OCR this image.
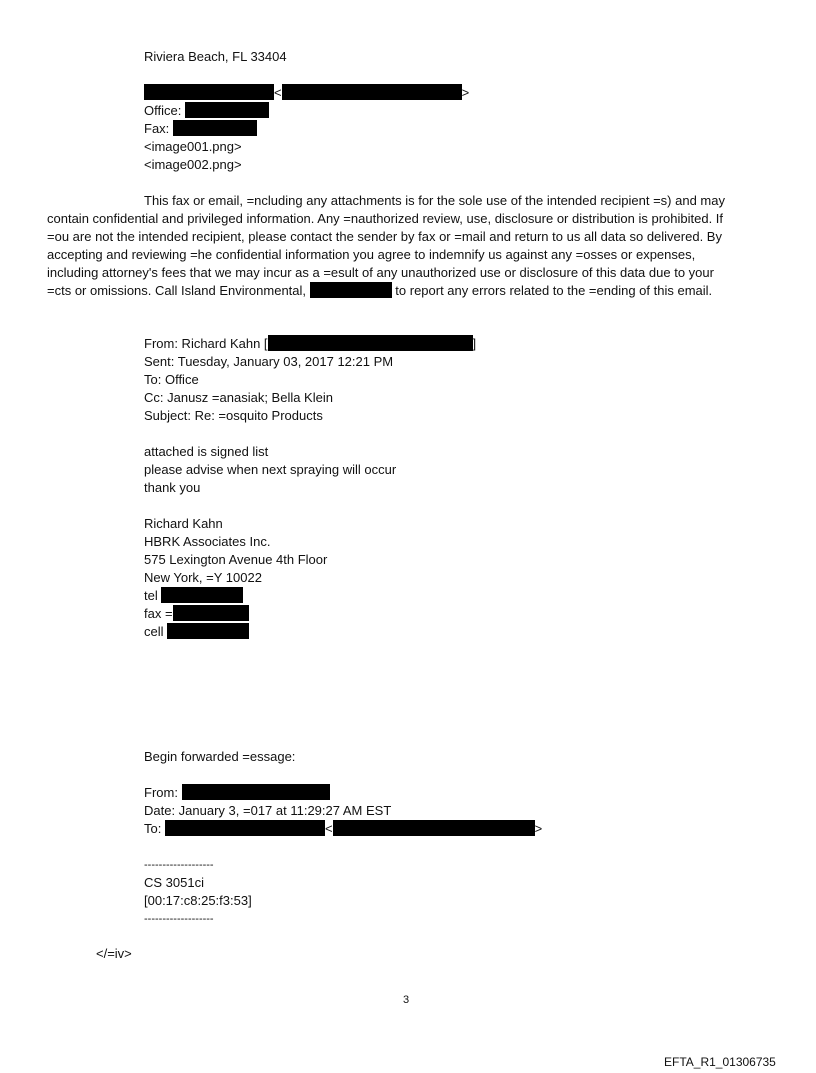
Riviera Beach, FL 33404
<	>
Office:
Fax:
<image001.png>
<image002.png>
This fax or email, =ncluding any attachments is for the sole use of the intended recipient =s) and may
contain confidential and privileged information. Any =nauthorized review, use, disclosure or distribution is prohibited. If
=ou are not the intended recipient, please contact the sender by fax or =mail and return to us all data so delivered. By
accepting and reviewing =he confidential information you agree to indemnify us against any =osses or expenses,
including attorney's fees that we may incur as a =esult of any unauthorized use or disclosure of this data due to your
=cts or omissions. Call Island Environmental,	to report any errors related to the =ending of this email.
From: Richard Kahn [	]
Sent: Tuesday, January 03, 2017 12:21 PM
To: Office
Cc: Janusz =anasiak; Bella Klein
Subject: Re: =osquito Products
attached is signed list
please advise when next spraying will occur
thank you
Richard Kahn
HBRK Associates Inc.
575 Lexington Avenue 4th Floor
New York, =Y 10022
tel
fax =
cell
Begin forwarded =essage:
From:
Date: January 3, =017 at 11:29:27 AM EST
To:	<	>
-------------------
CS 3051ci
[00:17:c8:25:f3:53]
-------------------
</=iv>
3
EFTA_R1_01306735
